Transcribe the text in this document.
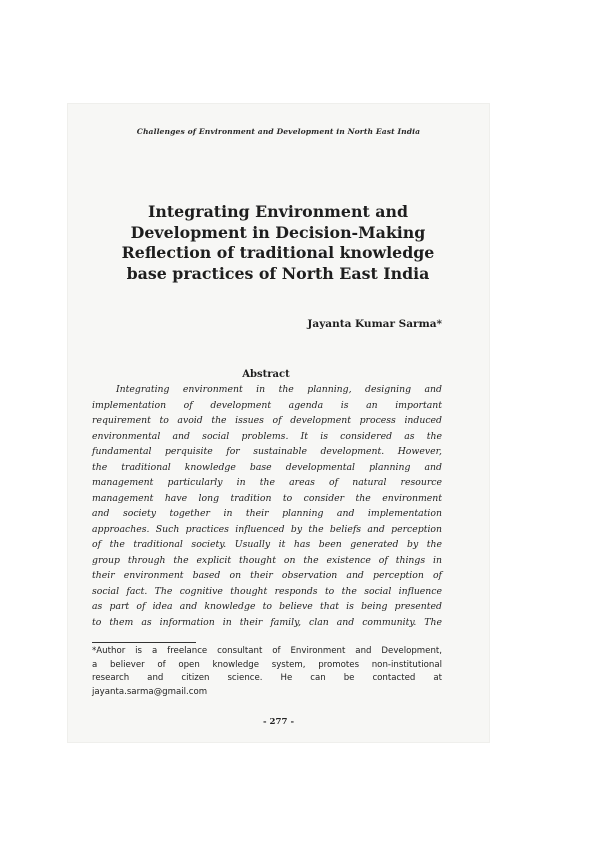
Challenges of Environment and Development in North East India
Integrating Environment and
Development in Decision-Making
Reflection of traditional knowledge
base practices of North East India
Jayanta Kumar Sarma*
Abstract
Integrating environment in the planning, designing and
implementation of development agenda is an important
requirement to avoid the issues of development process induced
environmental and social problems. It is considered as the
fundamental perquisite for sustainable development. However,
the traditional knowledge base developmental planning and
management particularly in the areas of natural resource
management have long tradition to consider the environment
and society together in their planning and implementation
approaches. Such practices influenced by the beliefs and perception
of the traditional society. Usually it has been generated by the
group through the explicit thought on the existence of things in
their environment based on their observation and perception of
social fact. The cognitive thought responds to the social influence
as part of idea and knowledge to believe that is being presented
to them as information in their family, clan and community. The
*Author is a freelance consultant of Environment and Development,
a believer of open knowledge system, promotes non-institutional
research and citizen science. He can be contacted at
jayanta.sarma@gmail.com
- 277 -
